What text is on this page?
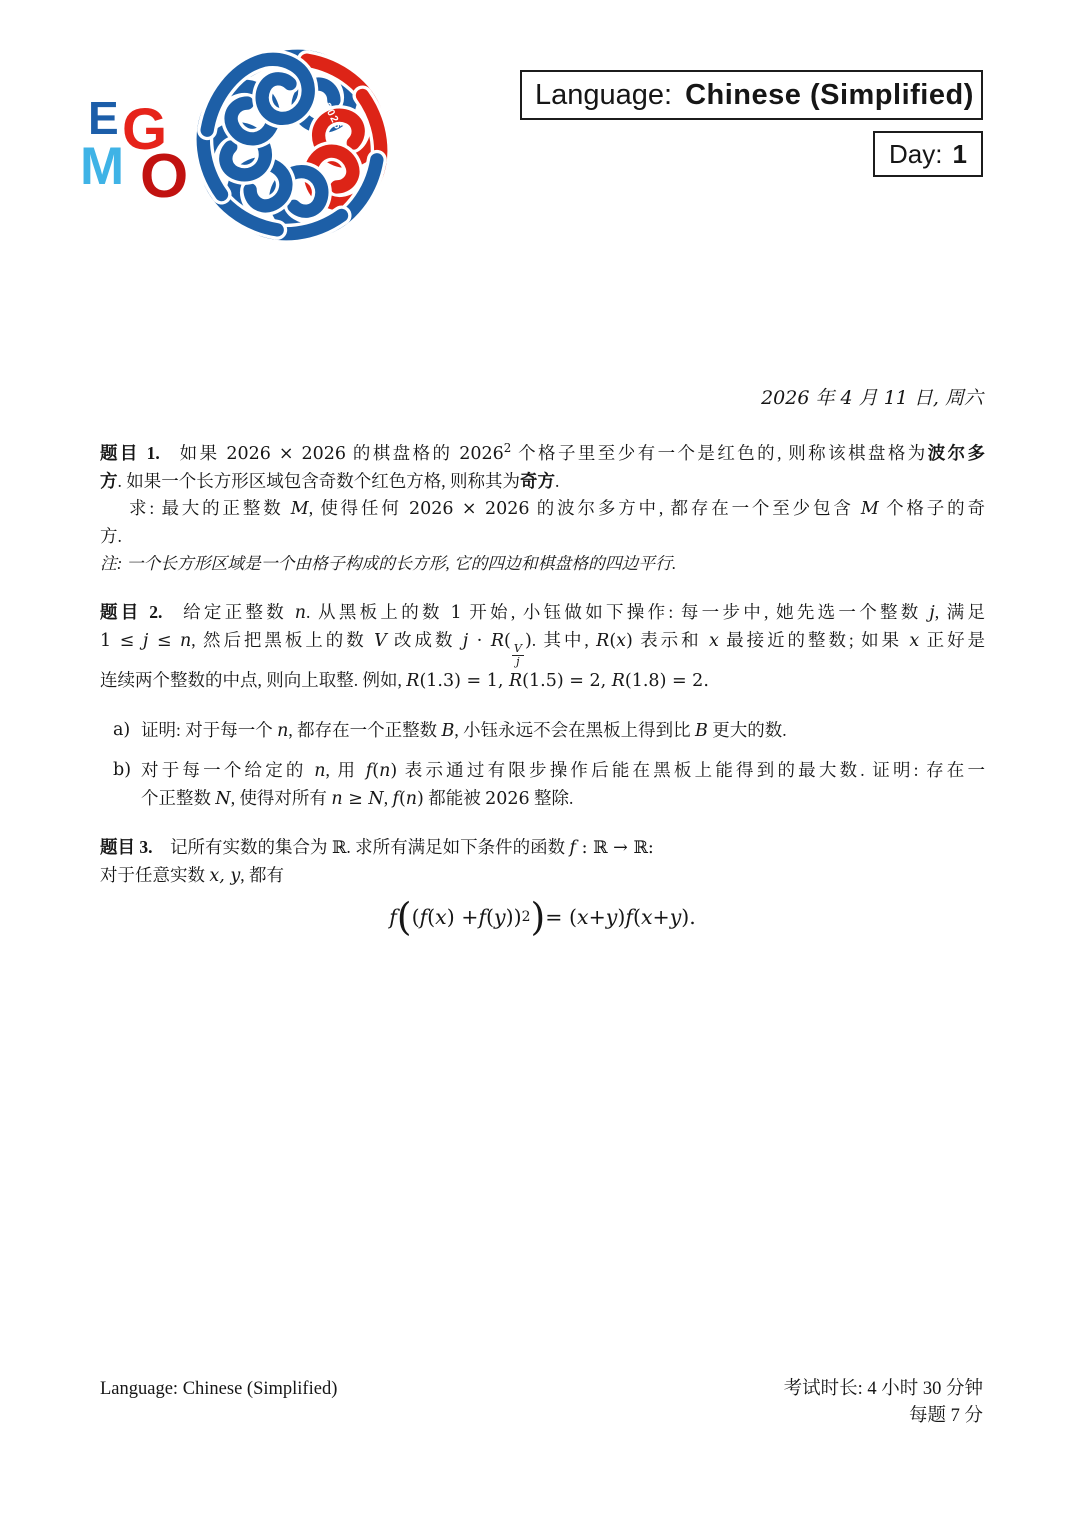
E G
M O
2026
Language: Chinese (Simplified)
Day: 1
2026 年 4 月 11 日, 周六
题目 1. 如果 2026 × 2026 的棋盘格的 2026$^2$ 个格子里至少有一个是红色的, 则称该棋盘格为波尔多
方. 如果一个长方形区域包含奇数个红色方格, 则称其为奇方.
求: 最大的正整数 M, 使得任何 2026 × 2026 的波尔多方中, 都存在一个至少包含 M 个格子的奇
方.
注: 一个长方形区域是一个由格子构成的长方形, 它的四边和棋盘格的四边平行.
题目 2. 给定正整数 n. 从黑板上的数 1 开始, 小钰做如下操作: 每一步中, 她先选一个整数 j, 满足
1 ≤ j ≤ n, 然后把黑板上的数 V 改成数 j · R(
$\frac{V}{j}$
). 其中, R(x) 表示和 x 最接近的整数; 如果 x 正好是
连续两个整数的中点, 则向上取整. 例如, R(1.3) = 1, R(1.5) = 2, R(1.8) = 2.
a) 证明: 对于每一个 n, 都存在一个正整数 B, 小钰永远不会在黑板上得到比 B 更大的数.
b) 对于每一个给定的 n, 用 f(n) 表示通过有限步操作后能在黑板上能得到的最大数. 证明: 存在一
个正整数 N, 使得对所有 n ≥ N, f(n) 都能被 2026 整除.
题目 3. 记所有实数的集合为 ℝ. 求所有满足如下条件的函数 f : ℝ → ℝ:
对于任意实数 x, y, 都有
f ( ( f ( x ) + f ( y )) 2 ) = ( x + y ) f ( x + y ).
Language: Chinese (Simplified)	考试时长: 4 小时 30 分钟
每题 7 分
